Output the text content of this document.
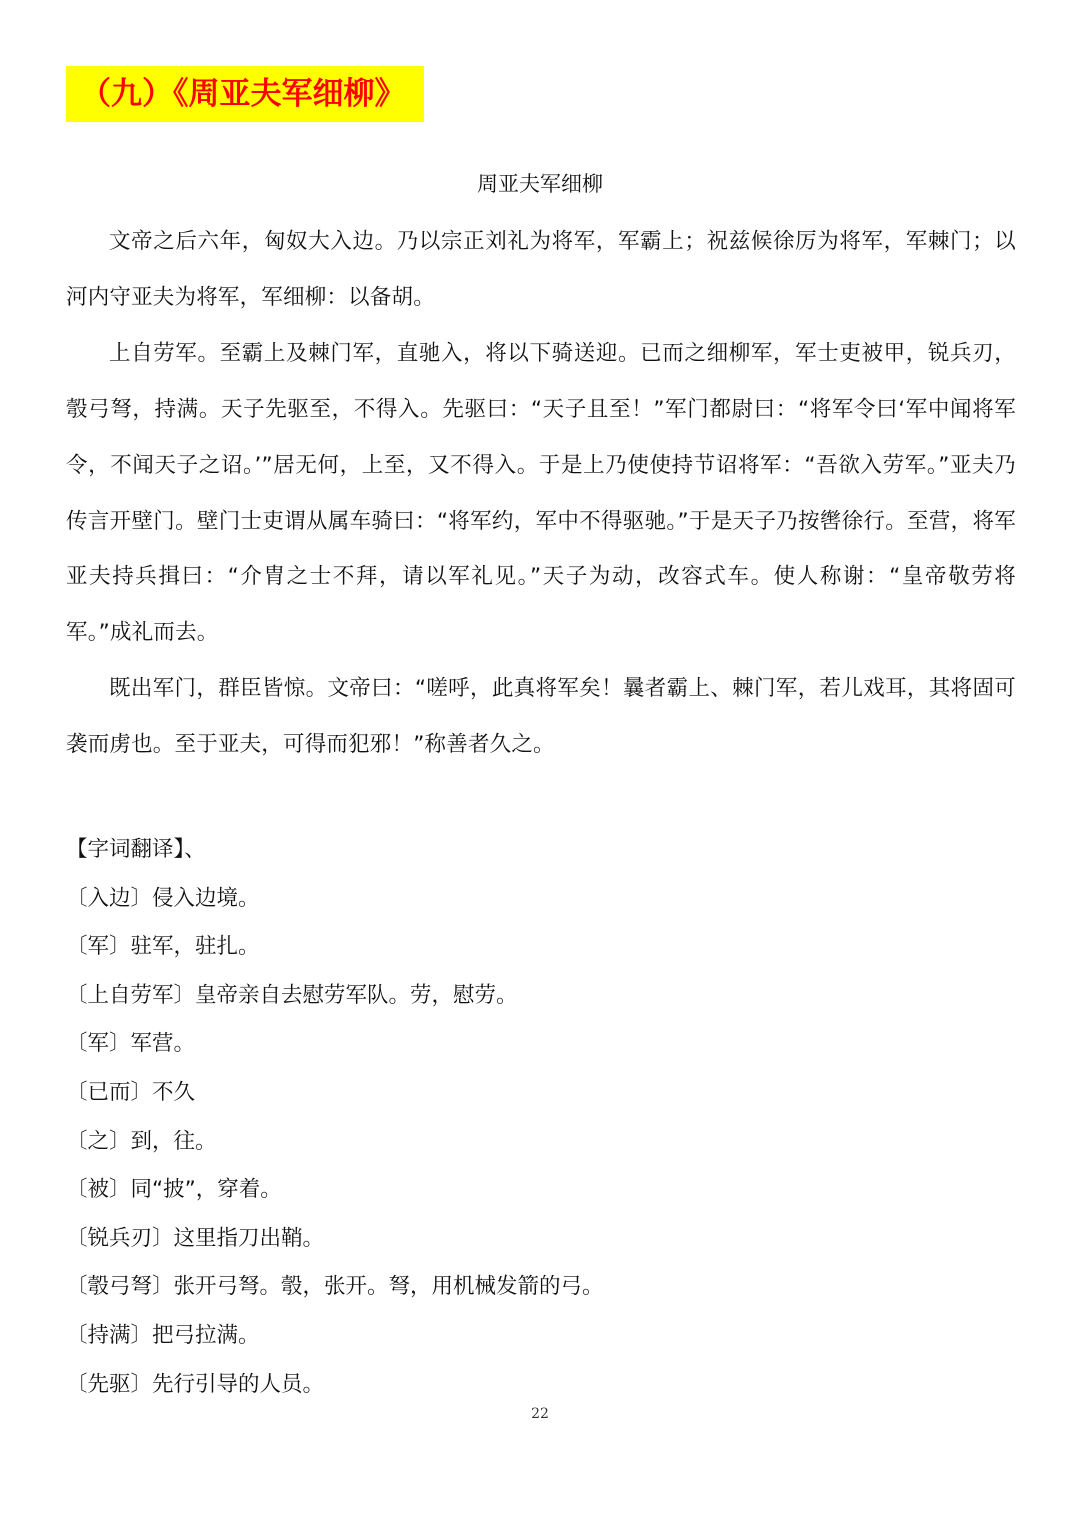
（九）《周亚夫军细柳》
周亚夫军细柳

文帝之后六年，匈奴大入边。乃以宗正刘礼为将军，军霸上；祝兹候徐厉为将军，军棘门；以河内守亚夫为将军，军细柳：以备胡。

上自劳军。至霸上及棘门军，直驰入，将以下骑送迎。已而之细柳军，军士吏被甲，锐兵刃，彀弓弩，持满。天子先驱至，不得入。先驱曰：“天子且至！”军门都尉曰：“将军令曰‘军中闻将军令，不闻天子之诏。’”居无何，上至，又不得入。于是上乃使使持节诏将军：“吾欲入劳军。”亚夫乃传言开壁门。壁门士吏谓从属车骑曰：“将军约，军中不得驱驰。”于是天子乃按辔徐行。至营，将军亚夫持兵揖曰：“介胄之士不拜，请以军礼见。”天子为动，改容式车。使人称谢：“皇帝敬劳将军。”成礼而去。

既出军门，群臣皆惊。文帝曰：“嗟呼，此真将军矣！曩者霸上、棘门军，若儿戏耳，其将固可袭而虏也。至于亚夫，可得而犯邪！”称善者久之。

【字词翻译】、
〔入边〕侵入边境。
〔军〕驻军，驻扎。
〔上自劳军〕皇帝亲自去慰劳军队。劳，慰劳。
〔军〕军营。
〔已而〕不久
〔之〕到，往。
〔被〕同“披”，穿着。
〔锐兵刃〕这里指刀出鞘。
〔彀弓弩〕张开弓弩。彀，张开。弩，用机械发箭的弓。
〔持满〕把弓拉满。
〔先驱〕先行引导的人员。
22
